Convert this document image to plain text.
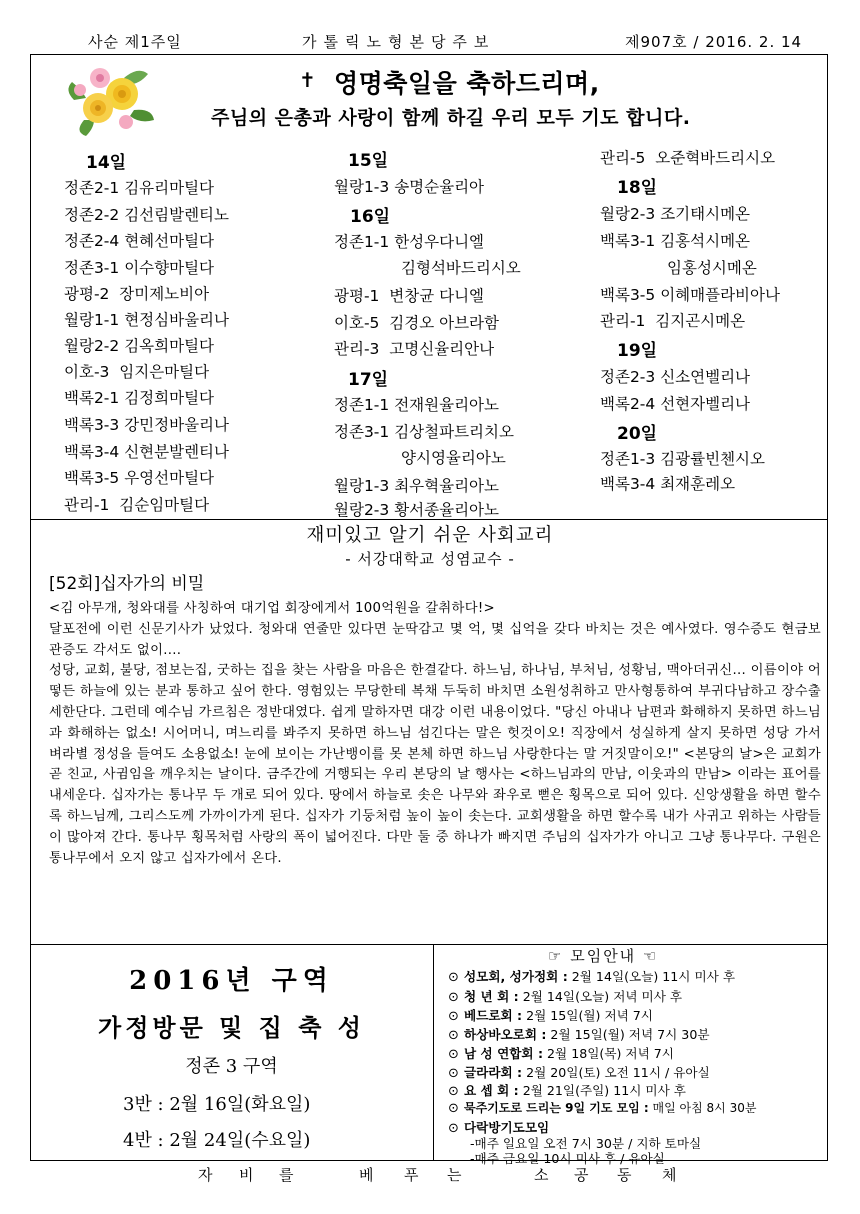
사순 제1주일	가톨릭노형본당주보	제907호 / 2016. 2. 14
✝ 영명축일을 축하드리며,
주님의 은총과 사랑이 함께 하길 우리 모두 기도 합니다.
14일
정존2-1 김유리마틸다
정존2-2 김선림발렌티노
정존2-4 현혜선마틸다
정존3-1 이수향마틸다
광평-2  장미제노비아
월랑1-1 현정심바울리나
월랑2-2 김옥희마틸다
이호-3  임지은마틸다
백록2-1 김정희마틸다
백록3-3 강민정바울리나
백록3-4 신현분발렌티나
백록3-5 우영선마틸다
관리-1  김순임마틸다
15일
월랑1-3 송명순율리아
16일
정존1-1 한성우다니엘
김형석바드리시오
광평-1  변창균 다니엘
이호-5  김경오 아브라함
관리-3  고명신율리안나
17일
정존1-1 전재원율리아노
정존3-1 김상철파트리치오
양시영율리아노
월랑1-3 최우혁율리아노
월랑2-3 황서종율리아노
관리-5  오준혁바드리시오
18일
월랑2-3 조기태시메온
백록3-1 김홍석시메온
임홍성시메온
백록3-5 이혜매플라비아나
관리-1  김지곤시메온
19일
정존2-3 신소연벨리나
백록2-4 선현자벨리나
20일
정존1-3 김광률빈첸시오
백록3-4 최재훈레오
재미있고 알기 쉬운 사회교리
- 서강대학교 성염교수 -
[52회]십자가의 비밀

<김 아무개, 청와대를 사칭하여 대기업 회장에게서 100억원을 갈취하다!>

달포전에 이런 신문기사가 났었다. 청와대 연줄만 있다면 눈딱감고 몇 억, 몇 십억을 갖다 바치는 것은 예사였다. 영수증도 현금보관증도 각서도 없이....

성당, 교회, 불당, 점보는집, 굿하는 집을 찾는 사람을 마음은 한결같다. 하느님, 하나님, 부처님, 성황님, 맥아더귀신... 이름이야 어떻든 하늘에 있는 분과 통하고 싶어 한다. 영험있는 무당한테 복채 두둑히 바치면 소원성취하고 만사형통하여 부귀다남하고 장수출세한단다. 그런데 예수님 가르침은 정반대였다. 쉽게 말하자면 대강 이런 내용이었다. "당신 아내나 남편과 화해하지 못하면 하느님과 화해하는 없소! 시어머니, 며느리를 봐주지 못하면 하느님 섬긴다는 말은 헛것이오! 직장에서 성실하게 살지 못하면 성당 가서 벼라별 정성을 들여도 소용없소! 눈에 보이는 가난뱅이를 못 본체 하면 하느님 사랑한다는 말 거짓말이오!" <본당의 날>은 교회가 곧 친교, 사귐임을 깨우치는 날이다. 금주간에 거행되는 우리 본당의 날 행사는 <하느님과의 만남, 이웃과의 만남> 이라는 표어를 내세운다. 십자가는 통나무 두 개로 되어 있다. 땅에서 하늘로 솟은 나무와 좌우로 뻗은 횡목으로 되어 있다. 신앙생활을 하면 할수록 하느님께, 그리스도께 가까이가게 된다. 십자가 기둥처럼 높이 높이 솟는다. 교회생활을 하면 할수록 내가 사귀고 위하는 사람들이 많아져 간다. 통나무 횡목처럼 사랑의 폭이 넓어진다. 다만 둘 중 하나가 빠지면 주님의 십자가가 아니고 그냥 통나무다. 구원은 통나무에서 오지 않고 십자가에서 온다.

2016년 구역
가정방문 및 집 축 성
정존 3 구역
3반 : 2월 16일(화요일)
4반 : 2월 24일(수요일)
☞ 모임안내 ☜
⊙ 성모회, 성가정회 : 2월 14일(오늘) 11시 미사 후
⊙ 청 년 회 : 2월 14일(오늘) 저녁 미사 후
⊙ 베드로회 : 2월 15일(월) 저녁 7시
⊙ 하상바오로회 : 2월 15일(월) 저녁 7시 30분
⊙ 남 성 연합회 : 2월 18일(목) 저녁 7시
⊙ 글라라회 : 2월 20일(토) 오전 11시 / 유아실
⊙ 요 셉 회 : 2월 21일(주일) 11시 미사 후
⊙ 묵주기도로 드리는 9일 기도 모임 : 매일 아침 8시 30분
⊙ 다락방기도모임
-매주 일요일 오전 7시 30분 / 지하 토마실
-매주 금요일 10시 미사 후 / 유아실
자 비 를	베 푸 는	소 공 동 체
